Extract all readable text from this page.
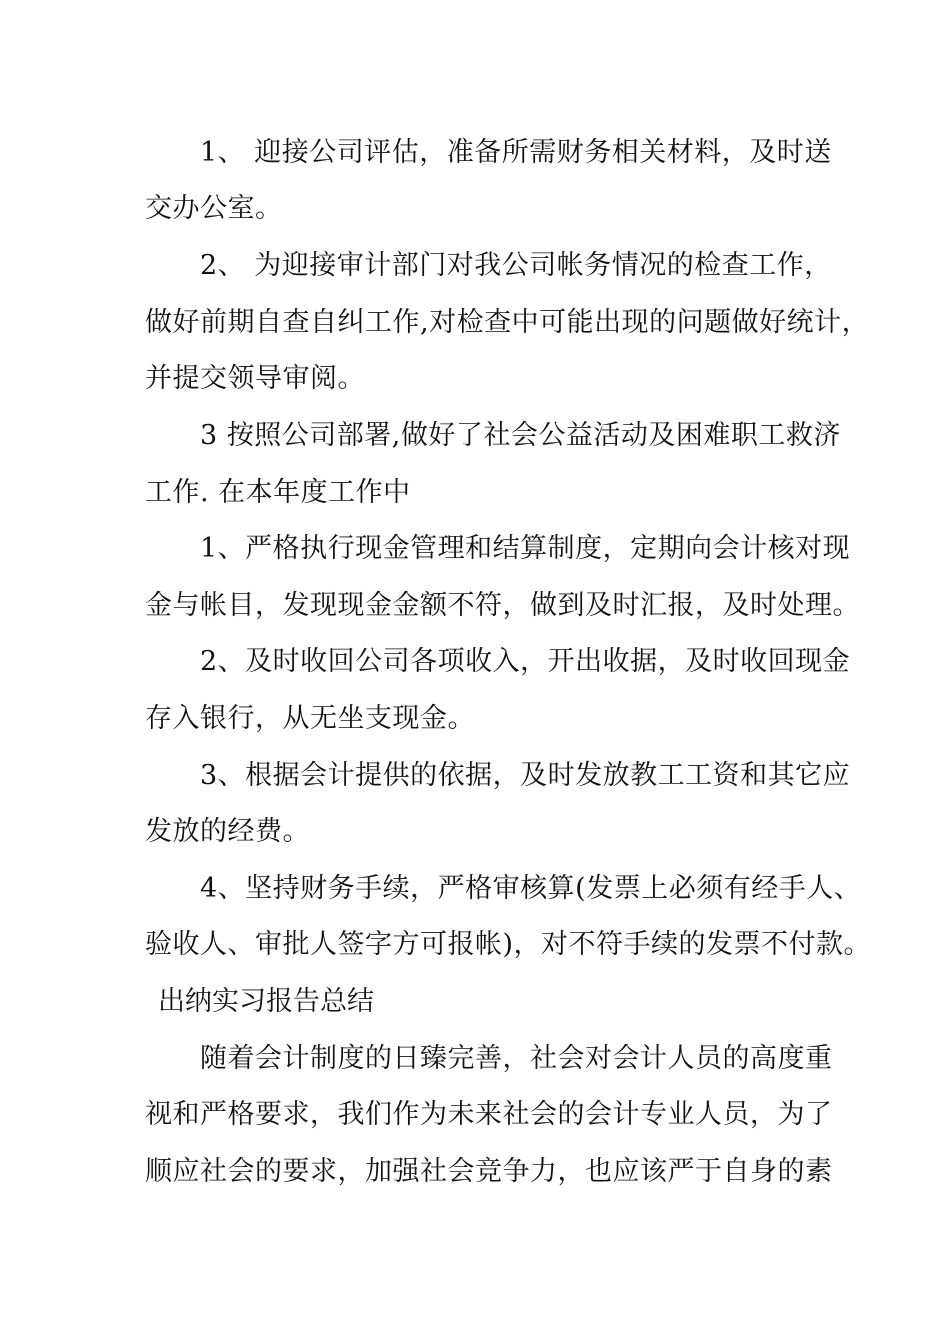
1、 迎接公司评估，准备所需财务相关材料，及时送
交办公室。
2、 为迎接审计部门对我公司帐务情况的检查工作，
做好前期自查自纠工作,对检查中可能出现的问题做好统计，
并提交领导审阅。
3 按照公司部署,做好了社会公益活动及困难职工救济
工作. 在本年度工作中
1、严格执行现金管理和结算制度，定期向会计核对现
金与帐目，发现现金金额不符，做到及时汇报，及时处理。
2、及时收回公司各项收入，开出收据，及时收回现金
存入银行，从无坐支现金。
3、根据会计提供的依据，及时发放教工工资和其它应
发放的经费。
4、坚持财务手续，严格审核算(发票上必须有经手人、
验收人、审批人签字方可报帐)，对不符手续的发票不付款。
出纳实习报告总结
随着会计制度的日臻完善，社会对会计人员的高度重
视和严格要求，我们作为未来社会的会计专业人员，为了
顺应社会的要求，加强社会竞争力，也应该严于自身的素
